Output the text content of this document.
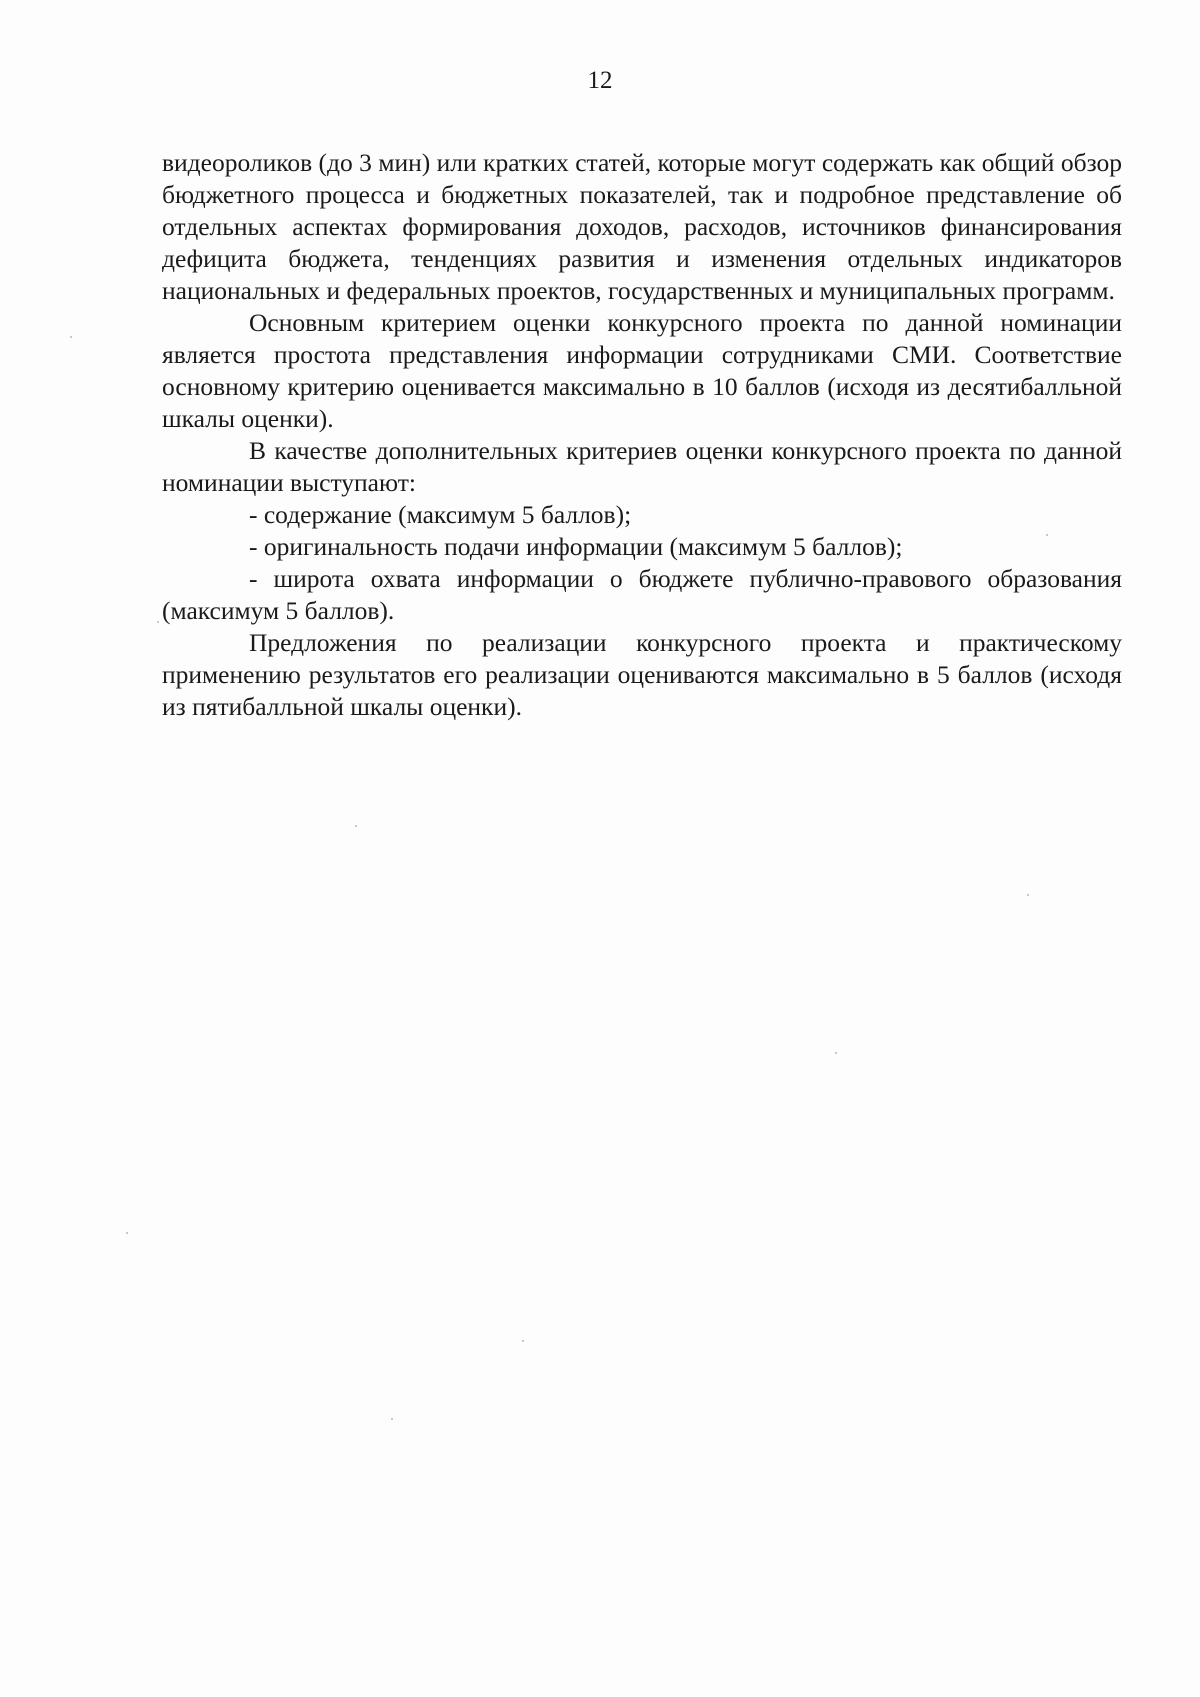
12

видеороликов (до 3 мин) или кратких статей, которые могут содержать как общий обзор бюджетного процесса и бюджетных показателей, так и подробное представление об отдельных аспектах формирования доходов, расходов, источников финансирования дефицита бюджета, тенденциях развития и изменения отдельных индикаторов национальных и федеральных проектов, государственных и муниципальных программ.

Основным критерием оценки конкурсного проекта по данной номинации является простота представления информации сотрудниками СМИ. Соответствие основному критерию оценивается максимально в 10 баллов (исходя из десятибалльной шкалы оценки).

В качестве дополнительных критериев оценки конкурсного проекта по данной номинации выступают:

- содержание (максимум 5 баллов);

- оригинальность подачи информации (максимум 5 баллов);

- широта охвата информации о бюджете публично-правового образования (максимум 5 баллов).

Предложения по реализации конкурсного проекта и практическому применению результатов его реализации оцениваются максимально в 5 баллов (исходя из пятибалльной шкалы оценки).
